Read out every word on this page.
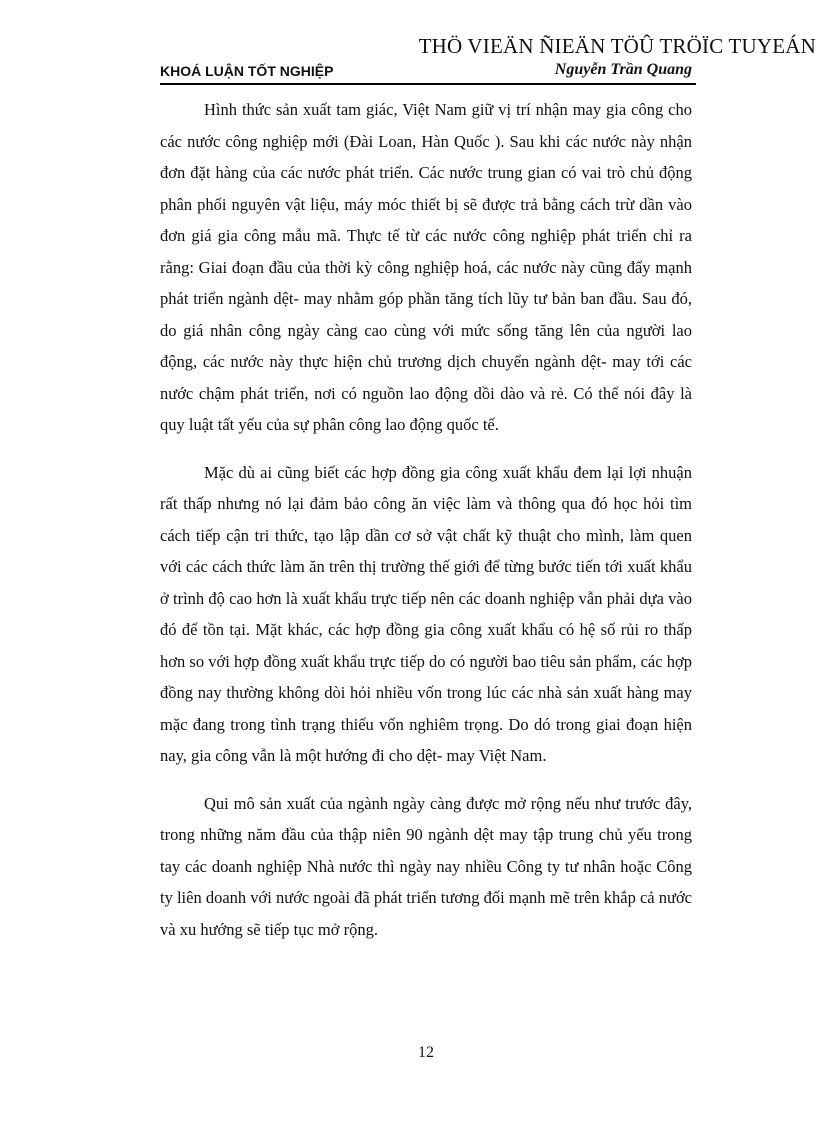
THÖ VIEÄN ÑIEÄN TÖÛ TRÖÏC TUYEÁN
KHOÁ LUẬN TỐT NGHIỆP	Nguyễn Trần Quang

Hình thức sản xuất tam giác, Việt Nam giữ vị trí nhận may gia công cho các nước công nghiệp mới (Đài Loan, Hàn Quốc ). Sau khi các nước này nhận đơn đặt hàng của các nước phát triển. Các nước trung gian có vai trò chủ động phân phối nguyên vật liệu, máy móc thiết bị sẽ được trả bằng cách trừ dần vào đơn giá gia công mẫu mã. Thực tế từ các nước công nghiệp phát triển chỉ ra rằng: Giai đoạn đầu của thời kỳ công nghiệp hoá, các nước này cũng đẩy mạnh phát triển ngành dệt- may nhằm góp phần tăng tích lũy tư bản ban đầu. Sau đó, do giá nhân công ngày càng cao cùng với mức sống tăng lên của người lao động, các nước này thực hiện chủ trương dịch chuyển ngành dệt- may tới các nước chậm phát triển, nơi có nguồn lao động dồi dào và rẻ. Có thể nói đây là quy luật tất yếu của sự phân công lao động quốc tế.

Mặc dù ai cũng biết các hợp đồng gia công xuất khẩu đem lại lợi nhuận rất thấp nhưng nó lại đảm bảo công ăn việc làm và thông qua đó học hỏi tìm cách tiếp cận tri thức, tạo lập dần cơ sở vật chất kỹ thuật cho mình, làm quen với các cách thức làm ăn trên thị trường thế giới để từng bước tiến tới xuất khẩu ở trình độ cao hơn là xuất khẩu trực tiếp nên các doanh nghiệp vẫn phải dựa vào đó để tồn tại. Mặt khác, các hợp đồng gia công xuất khẩu có hệ số rủi ro thấp hơn so với hợp đồng xuất khẩu trực tiếp do có người bao tiêu sản phẩm, các hợp đồng nay thường không dòi hỏi nhiều vốn trong lúc các nhà sản xuất hàng may mặc đang trong tình trạng thiếu vốn nghiêm trọng. Do dó trong giai đoạn hiện nay, gia công vẫn là một hướng đi cho dệt- may Việt Nam.

Qui mô sản xuất của ngành ngày càng được mở rộng nếu như trước đây, trong những năm đầu của thập niên 90 ngành dệt may tập trung chủ yếu trong tay các doanh nghiệp Nhà nước thì ngày nay nhiều Công ty tư nhân hoặc Công ty liên doanh với nước ngoài đã phát triển tương đối mạnh mẽ trên khắp cả nước và xu hướng sẽ tiếp tục mở rộng.

12
